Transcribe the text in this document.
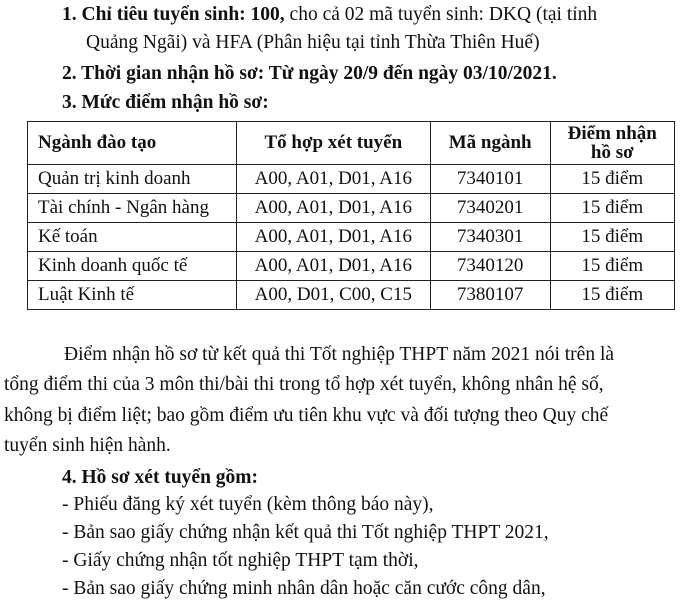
1. Chỉ tiêu tuyển sinh: 100, cho cả 02 mã tuyển sinh: DKQ (tại tỉnh
Quảng Ngãi) và HFA (Phân hiệu tại tỉnh Thừa Thiên Huế)
2. Thời gian nhận hồ sơ: Từ ngày 20/9 đến ngày 03/10/2021.
3. Mức điểm nhận hồ sơ:
Ngành đào tạo	Tổ hợp xét tuyển	Mã ngành	Điểm nhận hồ sơ

Quản trị kinh doanh	A00, A01, D01, A16	7340101	15 điểm
Tài chính - Ngân hàng	A00, A01, D01, A16	7340201	15 điểm
Kế toán	A00, A01, D01, A16	7340301	15 điểm
Kinh doanh quốc tế	A00, A01, D01, A16	7340120	15 điểm
Luật Kinh tế	A00, D01, C00, C15	7380107	15 điểm
Điểm nhận hồ sơ từ kết quả thi Tốt nghiệp THPT năm 2021 nói trên là
tổng điểm thi của 3 môn thi/bài thi trong tổ hợp xét tuyển, không nhân hệ số,
không bị điểm liệt; bao gồm điểm ưu tiên khu vực và đối tượng theo Quy chế
tuyển sinh hiện hành.
4. Hồ sơ xét tuyển gồm:
- Phiếu đăng ký xét tuyển (kèm thông báo này),
- Bản sao giấy chứng nhận kết quả thi Tốt nghiệp THPT 2021,
- Giấy chứng nhận tốt nghiệp THPT tạm thời,
- Bản sao giấy chứng minh nhân dân hoặc căn cước công dân,
